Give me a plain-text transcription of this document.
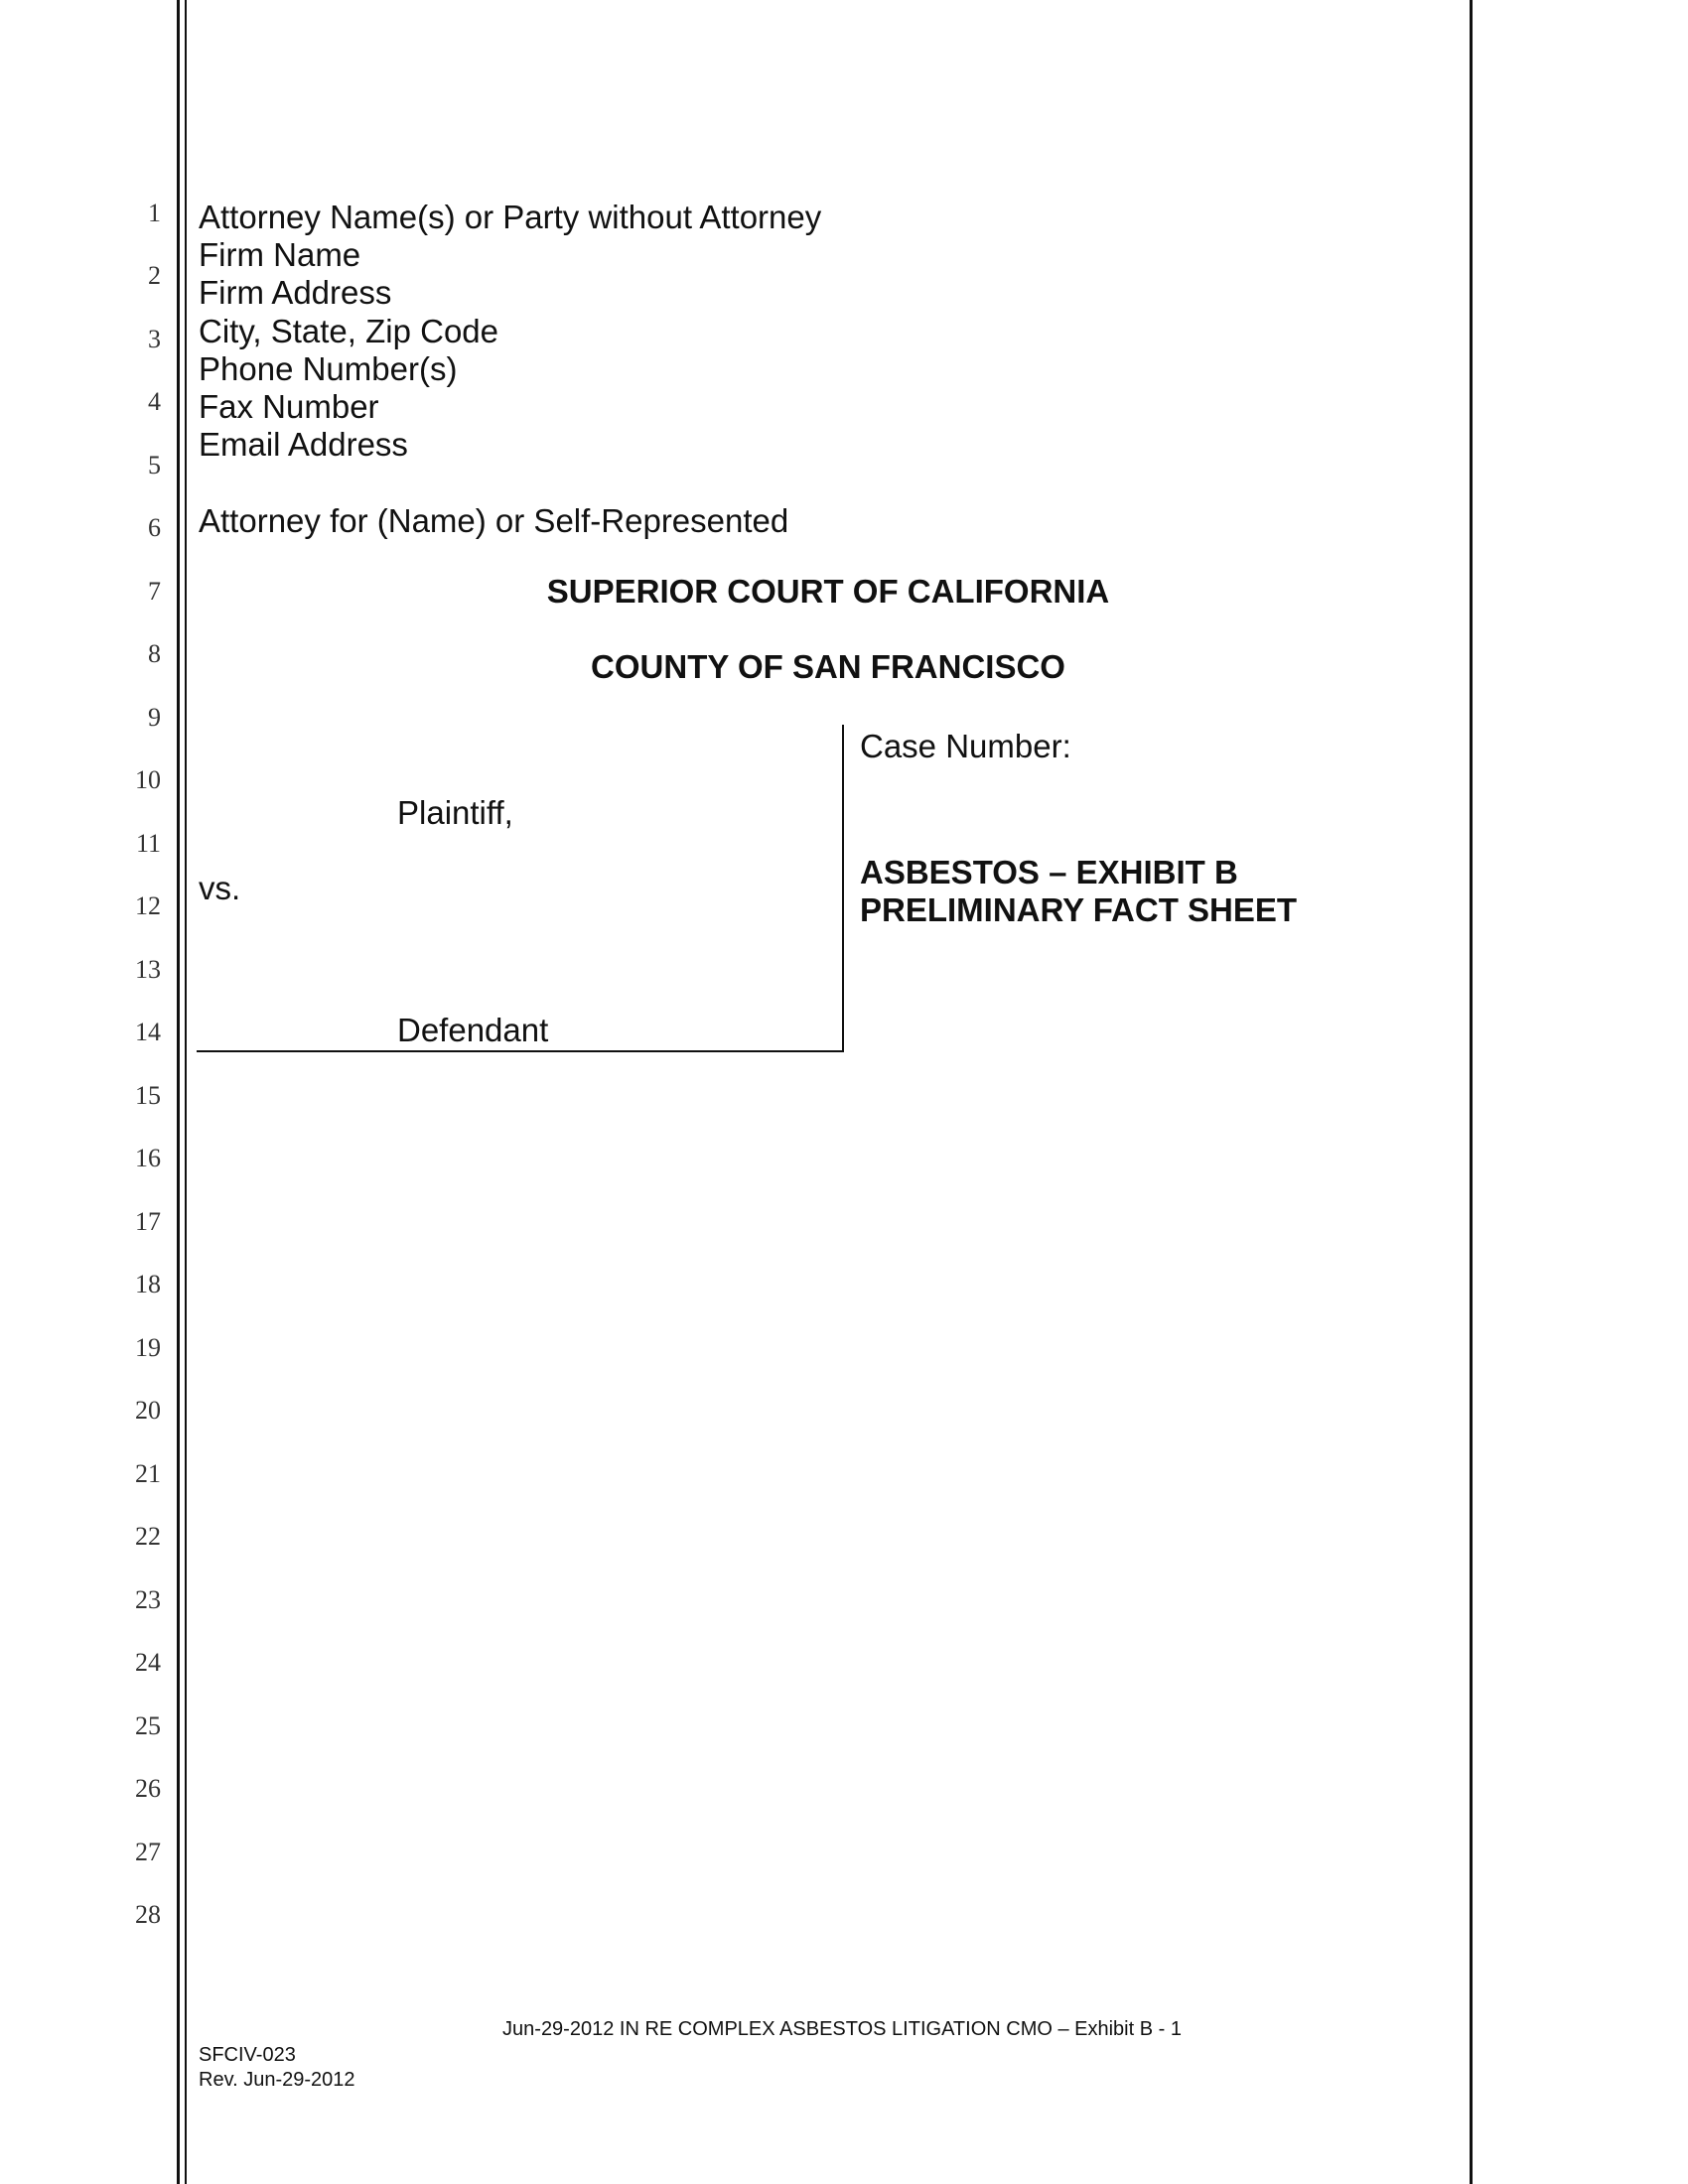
1
2
3
4
5
6
7
8
9
10
11
12
13
14
15
16
17
18
19
20
21
22
23
24
25
26
27
28
Attorney Name(s) or Party without Attorney
Firm Name
Firm Address
City, State, Zip Code
Phone Number(s)
Fax Number
Email Address
Attorney for (Name) or Self-Represented
SUPERIOR COURT OF CALIFORNIA
COUNTY OF SAN FRANCISCO
Plaintiff,
vs.
Defendant
Case Number:
ASBESTOS – EXHIBIT B
PRELIMINARY FACT SHEET
Jun-29-2012 IN RE COMPLEX ASBESTOS LITIGATION CMO – Exhibit B - 1
SFCIV-023
Rev. Jun-29-2012
